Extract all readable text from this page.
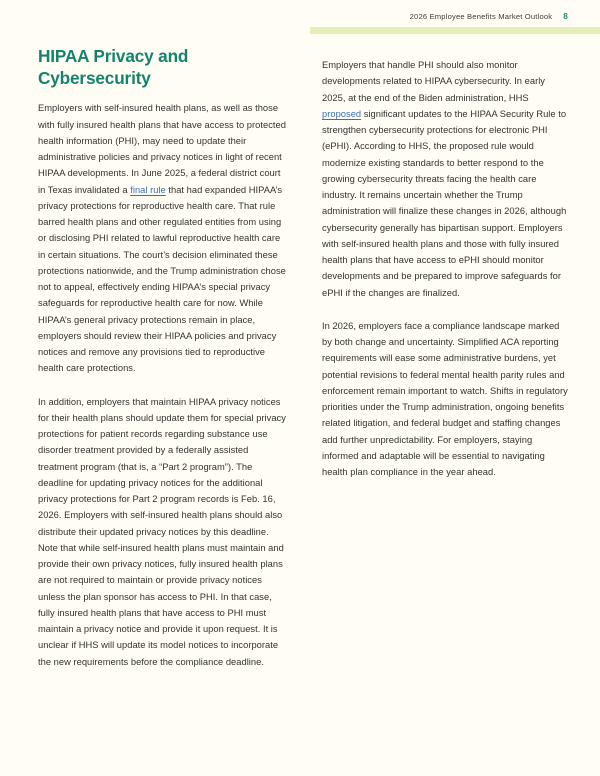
2026 Employee Benefits Market Outlook 8
HIPAA Privacy and Cybersecurity

Employers with self-insured health plans, as well as those with fully insured health plans that have access to protected health information (PHI), may need to update their administrative policies and privacy notices in light of recent HIPAA developments. In June 2025, a federal district court in Texas invalidated a final rule that had expanded HIPAA’s privacy protections for reproductive health care. That rule barred health plans and other regulated entities from using or disclosing PHI related to lawful reproductive health care in certain situations. The court’s decision eliminated these protections nationwide, and the Trump administration chose not to appeal, effectively ending HIPAA’s special privacy safeguards for reproductive health care for now. While HIPAA’s general privacy protections remain in place, employers should review their HIPAA policies and privacy notices and remove any provisions tied to reproductive health care protections.

In addition, employers that maintain HIPAA privacy notices for their health plans should update them for special privacy protections for patient records regarding substance use disorder treatment provided by a federally assisted treatment program (that is, a “Part 2 program”). The deadline for updating privacy notices for the additional privacy protections for Part 2 program records is Feb. 16, 2026. Employers with self-insured health plans should also distribute their updated privacy notices by this deadline. Note that while self-insured health plans must maintain and provide their own privacy notices, fully insured health plans are not required to maintain or provide privacy notices unless the plan sponsor has access to PHI. In that case, fully insured health plans that have access to PHI must maintain a privacy notice and provide it upon request. It is unclear if HHS will update its model notices to incorporate the new requirements before the compliance deadline.

Employers that handle PHI should also monitor developments related to HIPAA cybersecurity. In early 2025, at the end of the Biden administration, HHS proposed significant updates to the HIPAA Security Rule to strengthen cybersecurity protections for electronic PHI (ePHI). According to HHS, the proposed rule would modernize existing standards to better respond to the growing cybersecurity threats facing the health care industry. It remains uncertain whether the Trump administration will finalize these changes in 2026, although cybersecurity generally has bipartisan support. Employers with self-insured health plans and those with fully insured health plans that have access to ePHI should monitor developments and be prepared to improve safeguards for ePHI if the changes are finalized.

In 2026, employers face a compliance landscape marked by both change and uncertainty. Simplified ACA reporting requirements will ease some administrative burdens, yet potential revisions to federal mental health parity rules and enforcement remain important to watch. Shifts in regulatory priorities under the Trump administration, ongoing benefits related litigation, and federal budget and staffing changes add further unpredictability. For employers, staying informed and adaptable will be essential to navigating health plan compliance in the year ahead.
